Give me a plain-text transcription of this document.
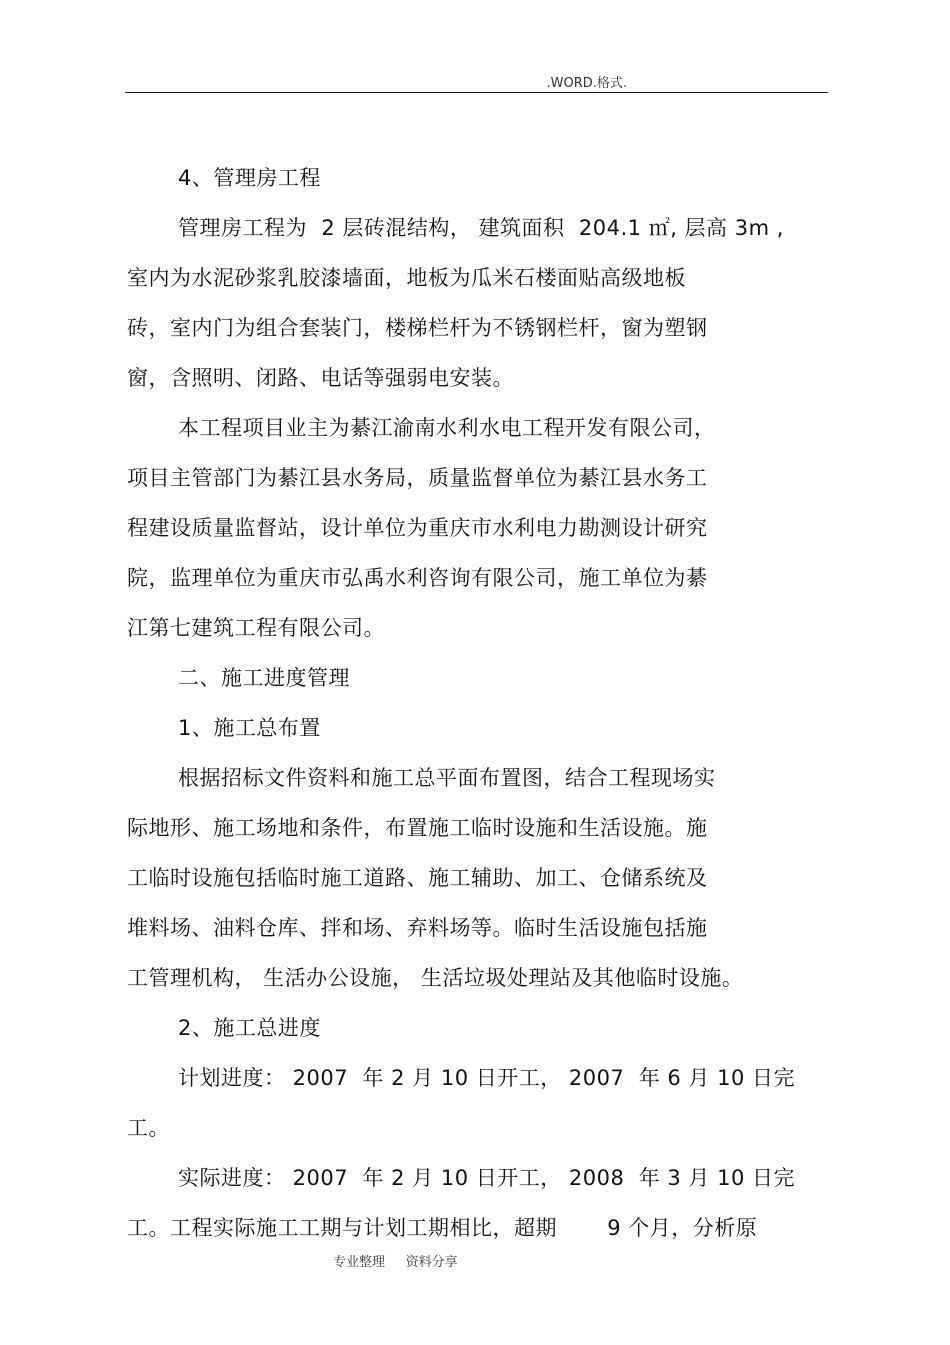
.WORD.格式.
4、管理房工程
管理房工程为  2 层砖混结构， 建筑面积  204.1 ㎡, 层高 3m ,
室内为水泥砂浆乳胶漆墙面，地板为瓜米石楼面贴高级地板
砖，室内门为组合套装门，楼梯栏杆为不锈钢栏杆，窗为塑钢
窗，含照明、闭路、电话等强弱电安装。
本工程项目业主为綦江渝南水利水电工程开发有限公司，
项目主管部门为綦江县水务局，质量监督单位为綦江县水务工
程建设质量监督站，设计单位为重庆市水利电力勘测设计研究
院，监理单位为重庆市弘禹水利咨询有限公司，施工单位为綦
江第七建筑工程有限公司。
二、施工进度管理
1、施工总布置
根据招标文件资料和施工总平面布置图，结合工程现场实
际地形、施工场地和条件，布置施工临时设施和生活设施。施
工临时设施包括临时施工道路、施工辅助、加工、仓储系统及
堆料场、油料仓库、拌和场、弃料场等。临时生活设施包括施
工管理机构， 生活办公设施， 生活垃圾处理站及其他临时设施。
2、施工总进度
计划进度： 2007  年 2 月 10 日开工， 2007  年 6 月 10 日完
工。
实际进度： 2007  年 2 月 10 日开工， 2008  年 3 月 10 日完
工。工程实际施工工期与计划工期相比，超期       9 个月，分析原
专业整理     资料分享
